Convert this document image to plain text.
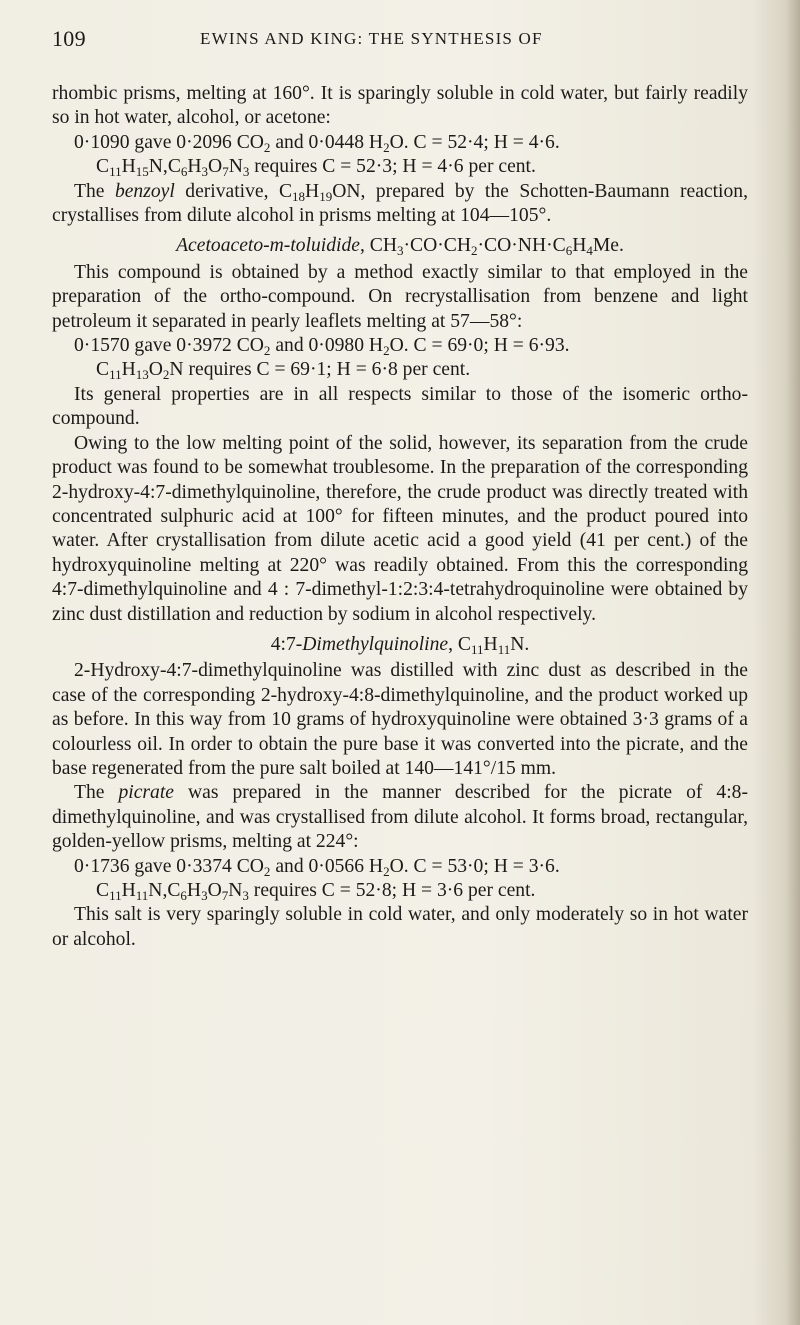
109	EWINS AND KING: THE SYNTHESIS OF

rhombic prisms, melting at 160°. It is sparingly soluble in cold water, but fairly readily so in hot water, alcohol, or acetone:

0·1090 gave 0·2096 $CO_2$ and 0·0448 $H_2O$. C = 52·4; H = 4·6.

$C_{11}H_{15}N,C_6H_3O_7N_3$ requires C = 52·3; H = 4·6 per cent.

The benzoyl derivative, $C_{18}H_{19}ON$, prepared by the Schotten-Baumann reaction, crystallises from dilute alcohol in prisms melting at 104—105°.

Acetoaceto-m-toluidide, $CH_3\cdot CO\cdot CH_2\cdot CO\cdot NH\cdot C_6H_4Me$.

This compound is obtained by a method exactly similar to that employed in the preparation of the ortho-compound. On recrystallisation from benzene and light petroleum it separated in pearly leaflets melting at 57—58°:

0·1570 gave 0·3972 $CO_2$ and 0·0980 $H_2O$. C = 69·0; H = 6·93.

$C_{11}H_{13}O_2N$ requires C = 69·1; H = 6·8 per cent.

Its general properties are in all respects similar to those of the isomeric ortho-compound.

Owing to the low melting point of the solid, however, its separation from the crude product was found to be somewhat troublesome. In the preparation of the corresponding 2-hydroxy-4:7-dimethylquinoline, therefore, the crude product was directly treated with concentrated sulphuric acid at 100° for fifteen minutes, and the product poured into water. After crystallisation from dilute acetic acid a good yield (41 per cent.) of the hydroxyquinoline melting at 220° was readily obtained. From this the corresponding 4:7-dimethylquinoline and 4 : 7-dimethyl-1:2:3:4-tetrahydroquinoline were obtained by zinc dust distillation and reduction by sodium in alcohol respectively.

4:7-Dimethylquinoline, $C_{11}H_{11}N$.

2-Hydroxy-4:7-dimethylquinoline was distilled with zinc dust as described in the case of the corresponding 2-hydroxy-4:8-dimethylquinoline, and the product worked up as before. In this way from 10 grams of hydroxyquinoline were obtained 3·3 grams of a colourless oil. In order to obtain the pure base it was converted into the picrate, and the base regenerated from the pure salt boiled at 140—141°/15 mm.

The picrate was prepared in the manner described for the picrate of 4:8-dimethylquinoline, and was crystallised from dilute alcohol. It forms broad, rectangular, golden-yellow prisms, melting at 224°:

0·1736 gave 0·3374 $CO_2$ and 0·0566 $H_2O$. C = 53·0; H = 3·6.

$C_{11}H_{11}N,C_6H_3O_7N_3$ requires C = 52·8; H = 3·6 per cent.

This salt is very sparingly soluble in cold water, and only moderately so in hot water or alcohol.
